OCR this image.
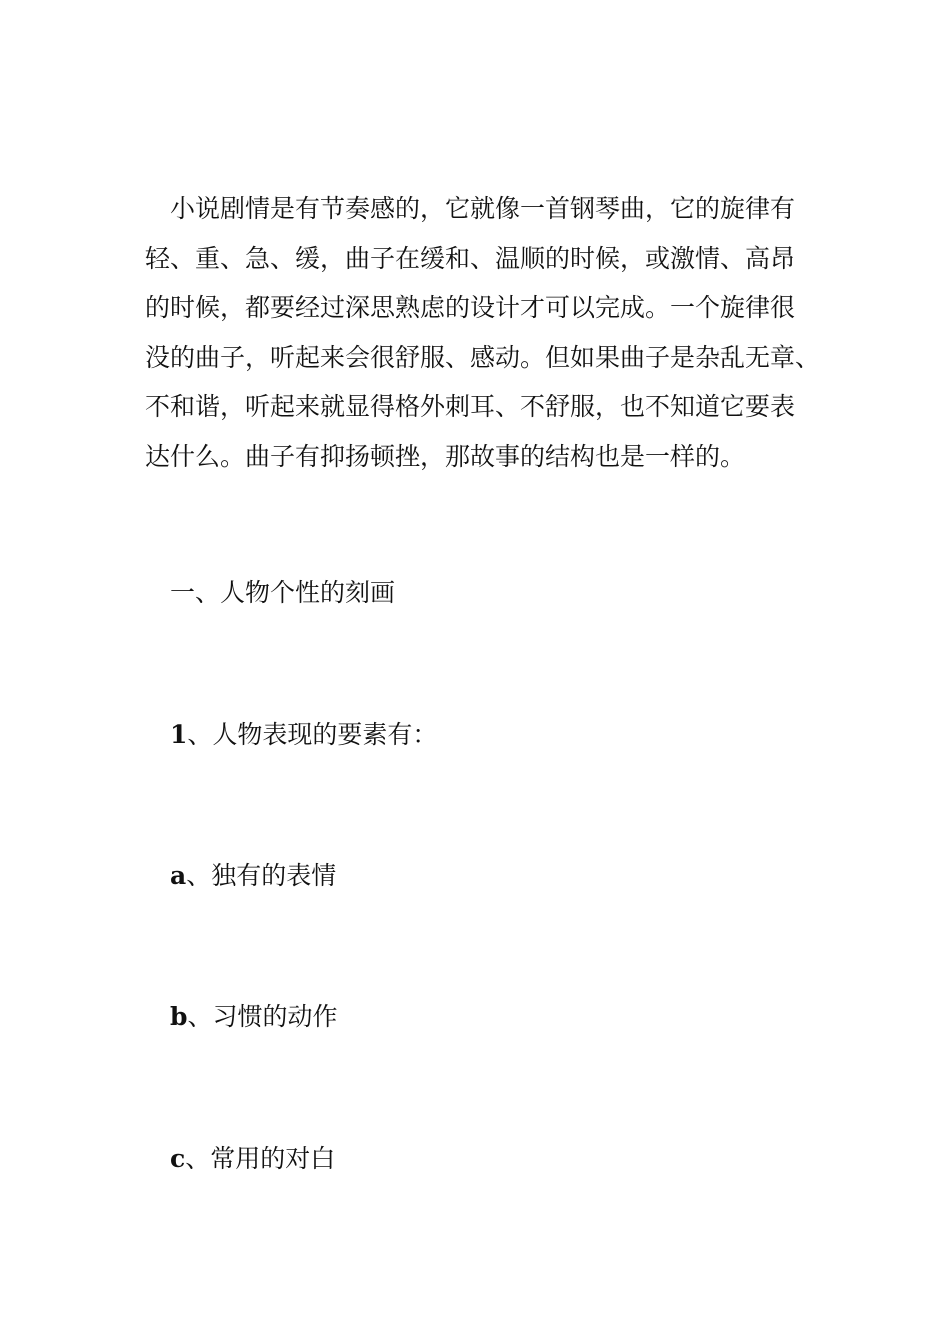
小说剧情是有节奏感的，它就像一首钢琴曲，它的旋律有
轻、重、急、缓，曲子在缓和、温顺的时候，或激情、高昂
的时候，都要经过深思熟虑的设计才可以完成。一个旋律很
没的曲子，听起来会很舒服、感动。但如果曲子是杂乱无章、
不和谐，听起来就显得格外刺耳、不舒服，也不知道它要表
达什么。曲子有抑扬顿挫，那故事的结构也是一样的。

一、人物个性的刻画

1、人物表现的要素有：

a、独有的表情

b、习惯的动作

c、常用的对白
